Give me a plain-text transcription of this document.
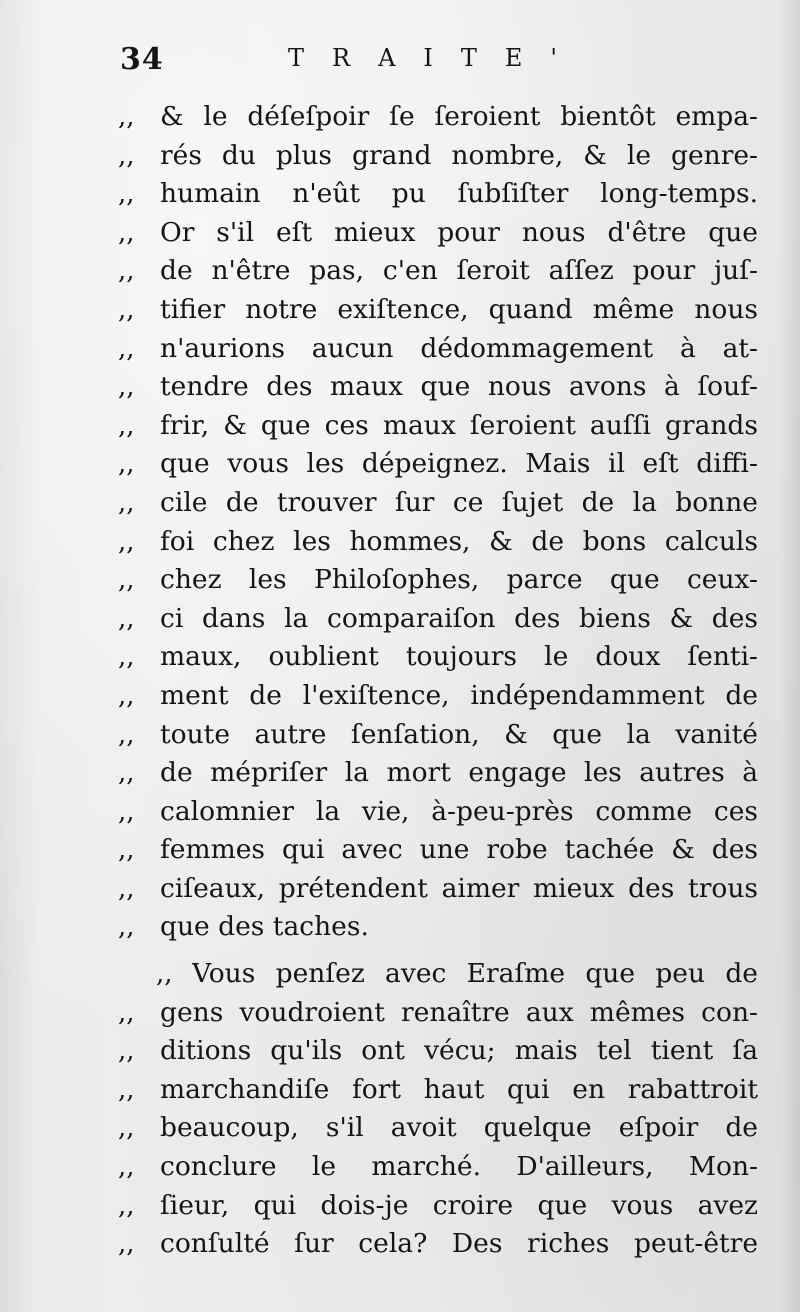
34	TRAITE'
,, & le déſeſpoir ſe ſeroient bientôt empa-
,, rés du plus grand nombre, & le genre-
,, humain n'eût pu ſubſiſter long-temps.
,, Or s'il eſt mieux pour nous d'être que
,, de n'être pas, c'en ſeroit aſſez pour juſ-
,, tifier notre exiſtence, quand même nous
,, n'aurions aucun dédommagement à at-
,, tendre des maux que nous avons à ſouf-
,, frir, & que ces maux ſeroient auſſi grands
,, que vous les dépeignez. Mais il eſt diffi-
,, cile de trouver ſur ce ſujet de la bonne
,, foi chez les hommes, & de bons calculs
,, chez les Philoſophes, parce que ceux-
,, ci dans la comparaiſon des biens & des
,, maux, oublient toujours le doux ſenti-
,, ment de l'exiſtence, indépendamment de
,, toute autre ſenſation, & que la vanité
,, de mépriſer la mort engage les autres à
,, calomnier la vie, à-peu-près comme ces
,, femmes qui avec une robe tachée & des
,, ciſeaux, prétendent aimer mieux des trous
,, que des taches.
,, Vous penſez avec Eraſme que peu de
,, gens voudroient renaître aux mêmes con-
,, ditions qu'ils ont vécu; mais tel tient ſa
,, marchandiſe fort haut qui en rabattroit
,, beaucoup, s'il avoit quelque eſpoir de
,, conclure le marché. D'ailleurs, Mon-
,, ſieur, qui dois-je croire que vous avez
,, conſulté ſur cela? Des riches peut-être
